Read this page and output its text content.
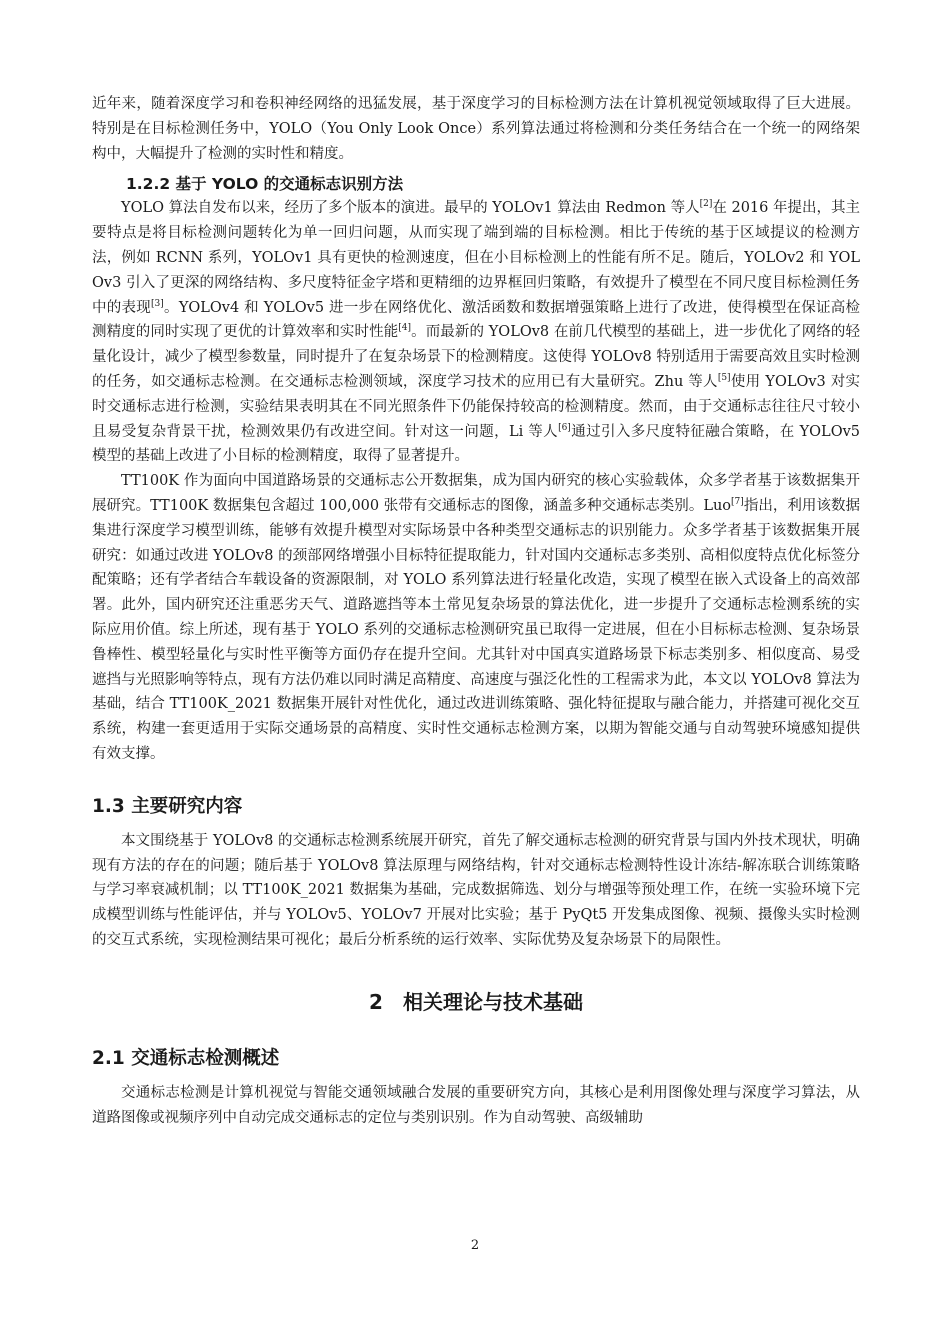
近年来，随着深度学习和卷积神经网络的迅猛发展，基于深度学习的目标检测方法在计算机视觉领域取得了巨大进展。特别是在目标检测任务中，YOLO（You Only Look Once）系列算法通过将检测和分类任务结合在一个统一的网络架构中，大幅提升了检测的实时性和精度。

1.2.2 基于 YOLO 的交通标志识别方法

YOLO 算法自发布以来，经历了多个版本的演进。最早的 YOLOv1 算法由 Redmon 等人[2]在 2016 年提出，其主要特点是将目标检测问题转化为单一回归问题，从而实现了端到端的目标检测。相比于传统的基于区域提议的检测方法，例如 RCNN 系列，YOLOv1 具有更快的检测速度，但在小目标检测上的性能有所不足。随后，YOLOv2 和 YOLOv3 引入了更深的网络结构、多尺度特征金字塔和更精细的边界框回归策略，有效提升了模型在不同尺度目标检测任务中的表现[3]。YOLOv4 和 YOLOv5 进一步在网络优化、激活函数和数据增强策略上进行了改进，使得模型在保证高检测精度的同时实现了更优的计算效率和实时性能[4]。而最新的 YOLOv8 在前几代模型的基础上，进一步优化了网络的轻量化设计，减少了模型参数量，同时提升了在复杂场景下的检测精度。这使得 YOLOv8 特别适用于需要高效且实时检测的任务，如交通标志检测。在交通标志检测领域，深度学习技术的应用已有大量研究。Zhu 等人[5]使用 YOLOv3 对实时交通标志进行检测，实验结果表明其在不同光照条件下仍能保持较高的检测精度。然而，由于交通标志往往尺寸较小且易受复杂背景干扰，检测效果仍有改进空间。针对这一问题，Li 等人[6]通过引入多尺度特征融合策略，在 YOLOv5 模型的基础上改进了小目标的检测精度，取得了显著提升。

TT100K 作为面向中国道路场景的交通标志公开数据集，成为国内研究的核心实验载体，众多学者基于该数据集开展研究。TT100K 数据集包含超过 100,000 张带有交通标志的图像，涵盖多种交通标志类别。Luo[7]指出，利用该数据集进行深度学习模型训练，能够有效提升模型对实际场景中各种类型交通标志的识别能力。众多学者基于该数据集开展研究：如通过改进 YOLOv8 的颈部网络增强小目标特征提取能力，针对国内交通标志多类别、高相似度特点优化标签分配策略；还有学者结合车载设备的资源限制，对 YOLO 系列算法进行轻量化改造，实现了模型在嵌入式设备上的高效部署。此外，国内研究还注重恶劣天气、道路遮挡等本土常见复杂场景的算法优化，进一步提升了交通标志检测系统的实际应用价值。综上所述，现有基于 YOLO 系列的交通标志检测研究虽已取得一定进展，但在小目标标志检测、复杂场景鲁棒性、模型轻量化与实时性平衡等方面仍存在提升空间。尤其针对中国真实道路场景下标志类别多、相似度高、易受遮挡与光照影响等特点，现有方法仍难以同时满足高精度、高速度与强泛化性的工程需求为此，本文以 YOLOv8 算法为基础，结合 TT100K_2021 数据集开展针对性优化，通过改进训练策略、强化特征提取与融合能力，并搭建可视化交互系统，构建一套更适用于实际交通场景的高精度、实时性交通标志检测方案，以期为智能交通与自动驾驶环境感知提供有效支撑。

1.3 主要研究内容

本文围绕基于 YOLOv8 的交通标志检测系统展开研究，首先了解交通标志检测的研究背景与国内外技术现状，明确现有方法的存在的问题；随后基于 YOLOv8 算法原理与网络结构，针对交通标志检测特性设计冻结-解冻联合训练策略与学习率衰减机制；以 TT100K_2021 数据集为基础，完成数据筛选、划分与增强等预处理工作，在统一实验环境下完成模型训练与性能评估，并与 YOLOv5、YOLOv7 开展对比实验；基于 PyQt5 开发集成图像、视频、摄像头实时检测的交互式系统，实现检测结果可视化；最后分析系统的运行效率、实际优势及复杂场景下的局限性。

2　相关理论与技术基础
2.1 交通标志检测概述

交通标志检测是计算机视觉与智能交通领域融合发展的重要研究方向，其核心是利用图像处理与深度学习算法，从道路图像或视频序列中自动完成交通标志的定位与类别识别。作为自动驾驶、高级辅助

2
